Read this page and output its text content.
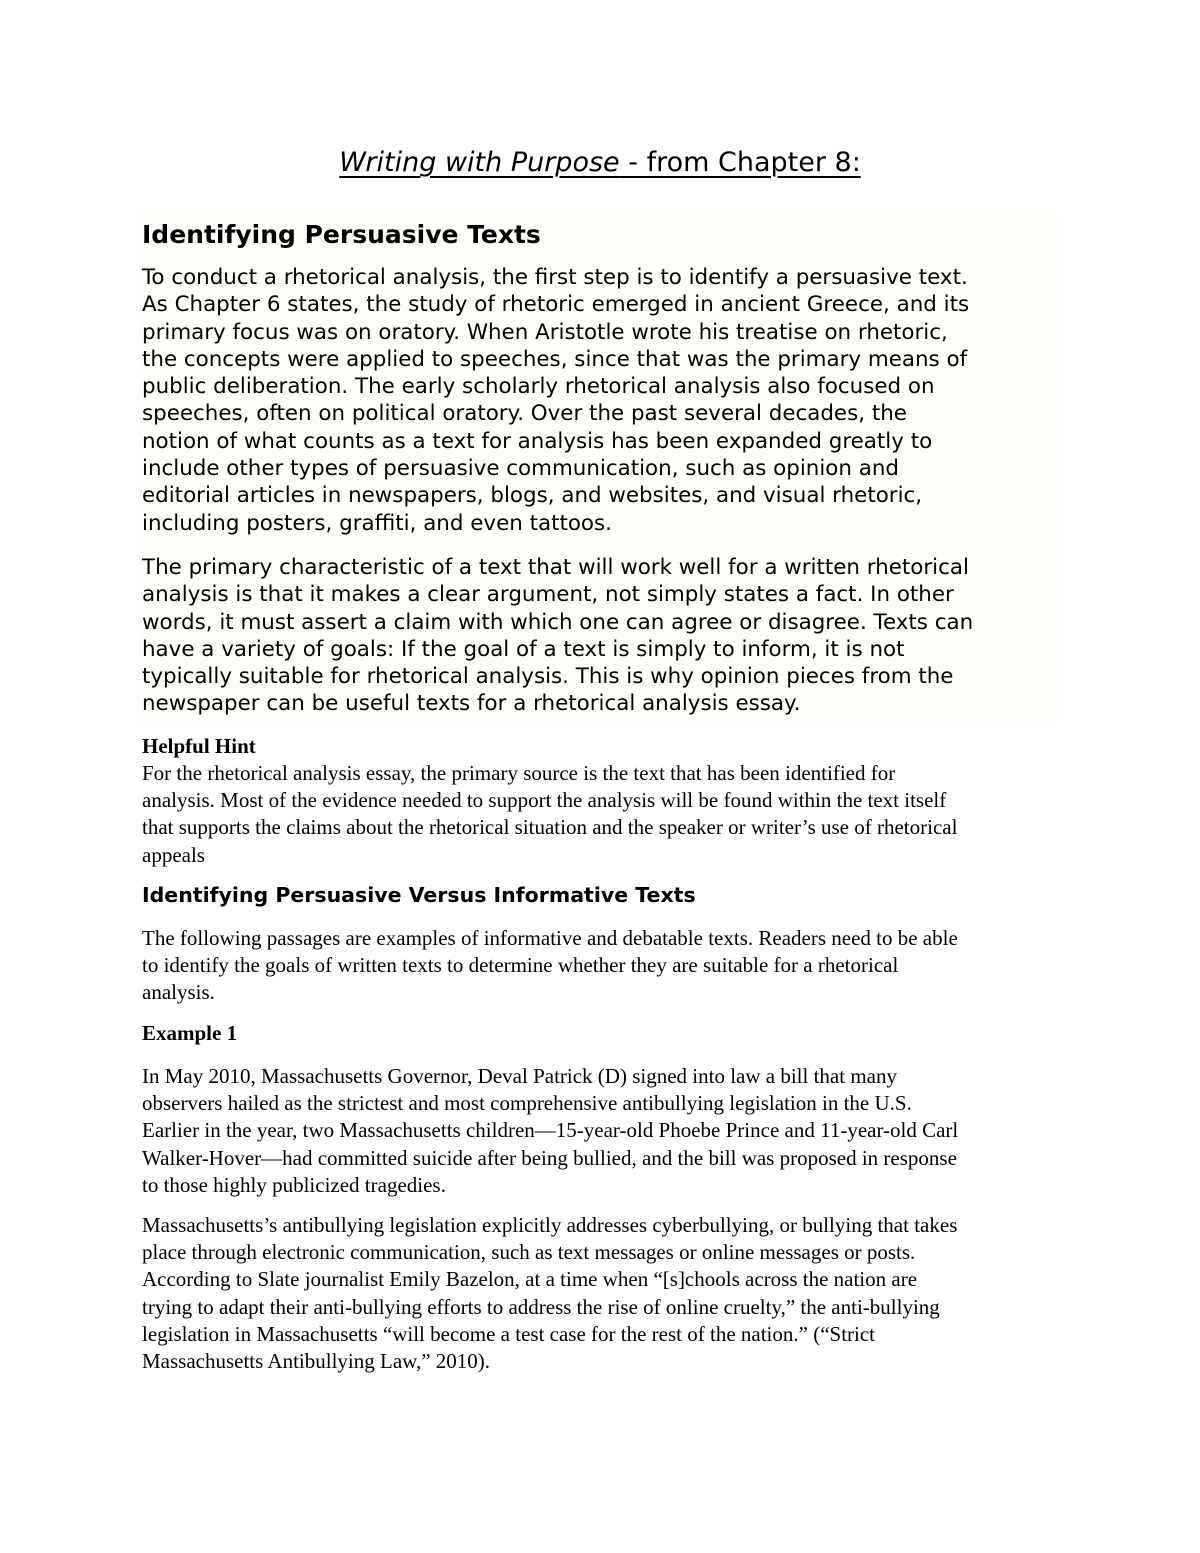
Writing with Purpose - from Chapter 8:
Identifying Persuasive Texts
To conduct a rhetorical analysis, the first step is to identify a persuasive text.
As Chapter 6 states, the study of rhetoric emerged in ancient Greece, and its
primary focus was on oratory. When Aristotle wrote his treatise on rhetoric,
the concepts were applied to speeches, since that was the primary means of
public deliberation. The early scholarly rhetorical analysis also focused on
speeches, often on political oratory. Over the past several decades, the
notion of what counts as a text for analysis has been expanded greatly to
include other types of persuasive communication, such as opinion and
editorial articles in newspapers, blogs, and websites, and visual rhetoric,
including posters, graffiti, and even tattoos.
The primary characteristic of a text that will work well for a written rhetorical
analysis is that it makes a clear argument, not simply states a fact. In other
words, it must assert a claim with which one can agree or disagree. Texts can
have a variety of goals: If the goal of a text is simply to inform, it is not
typically suitable for rhetorical analysis. This is why opinion pieces from the
newspaper can be useful texts for a rhetorical analysis essay.
Helpful Hint
For the rhetorical analysis essay, the primary source is the text that has been identified for
analysis. Most of the evidence needed to support the analysis will be found within the text itself
that supports the claims about the rhetorical situation and the speaker or writer’s use of rhetorical
appeals
Identifying Persuasive Versus Informative Texts
The following passages are examples of informative and debatable texts. Readers need to be able
to identify the goals of written texts to determine whether they are suitable for a rhetorical
analysis.
Example 1
In May 2010, Massachusetts Governor, Deval Patrick (D) signed into law a bill that many
observers hailed as the strictest and most comprehensive antibullying legislation in the U.S.
Earlier in the year, two Massachusetts children—15-year-old Phoebe Prince and 11-year-old Carl
Walker-Hover—had committed suicide after being bullied, and the bill was proposed in response
to those highly publicized tragedies.
Massachusetts’s antibullying legislation explicitly addresses cyberbullying, or bullying that takes
place through electronic communication, such as text messages or online messages or posts.
According to Slate journalist Emily Bazelon, at a time when “[s]chools across the nation are
trying to adapt their anti-bullying efforts to address the rise of online cruelty,” the anti-bullying
legislation in Massachusetts “will become a test case for the rest of the nation.” (“Strict
Massachusetts Antibullying Law,” 2010).
